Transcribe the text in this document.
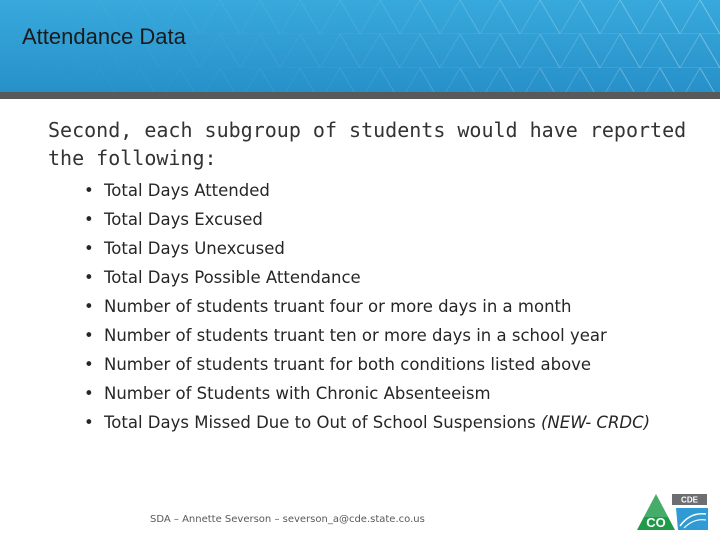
Attendance Data
Second, each subgroup of students would have reported the following:
• Total Days Attended
• Total Days Excused
• Total Days Unexcused
• Total Days Possible Attendance
• Number of students truant four or more days in a month
• Number of students truant ten or more days in a school year
• Number of students truant for both conditions listed above
• Number of Students with Chronic Absenteeism
• Total Days Missed Due to Out of School Suspensions (NEW- CRDC)
SDA – Annette Severson – severson_a@cde.state.co.us	CO
CDE
